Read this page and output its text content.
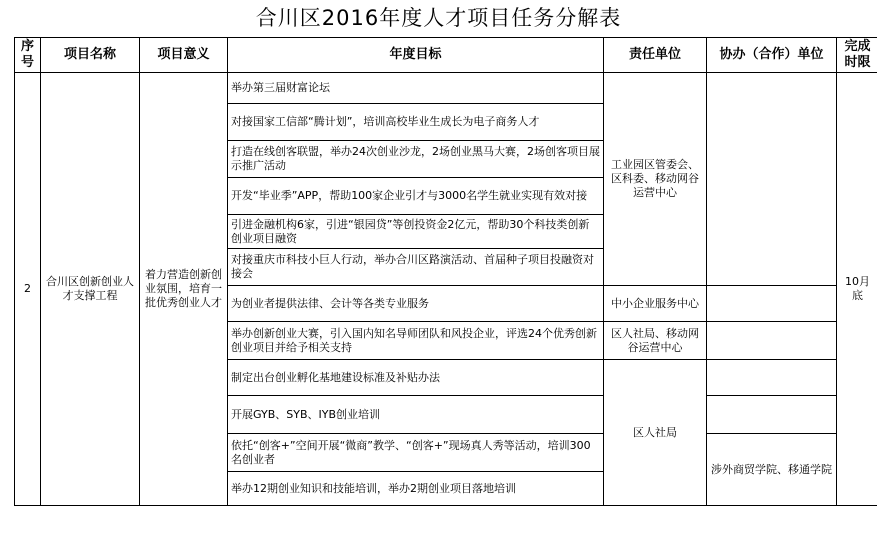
合川区2016年度人才项目任务分解表
序号	项目名称	项目意义	年度目标	责任单位	协办（合作）单位	完成时限
2	合川区创新创业人才支撑工程	着力营造创新创业氛围，培育一批优秀创业人才	举办第三届财富论坛	工业园区管委会、区科委、移动网谷运营中心		10月底
			对接国家工信部“腾计划”，培训高校毕业生成长为电子商务人才			
			打造在线创客联盟，举办24次创业沙龙，2场创业黑马大赛，2场创客项目展示推广活动			
			开发“毕业季”APP，帮助100家企业引才与3000名学生就业实现有效对接			
			引进金融机构6家，引进“银园贷”等创投资金2亿元，帮助30个科技类创新创业项目融资			
			对接重庆市科技小巨人行动，举办合川区路演活动、首届种子项目投融资对接会			
			为创业者提供法律、会计等各类专业服务	中小企业服务中心		
			举办创新创业大赛，引入国内知名导师团队和风投企业，评选24个优秀创新创业项目并给予相关支持	区人社局、移动网谷运营中心		
			制定出台创业孵化基地建设标准及补贴办法	区人社局		
			开展GYB、SYB、IYB创业培训			
			依托“创客+”空间开展“微商”教学、“创客+”现场真人秀等活动，培训300名创业者		涉外商贸学院、移通学院	
			举办12期创业知识和技能培训，举办2期创业项目落地培训			
